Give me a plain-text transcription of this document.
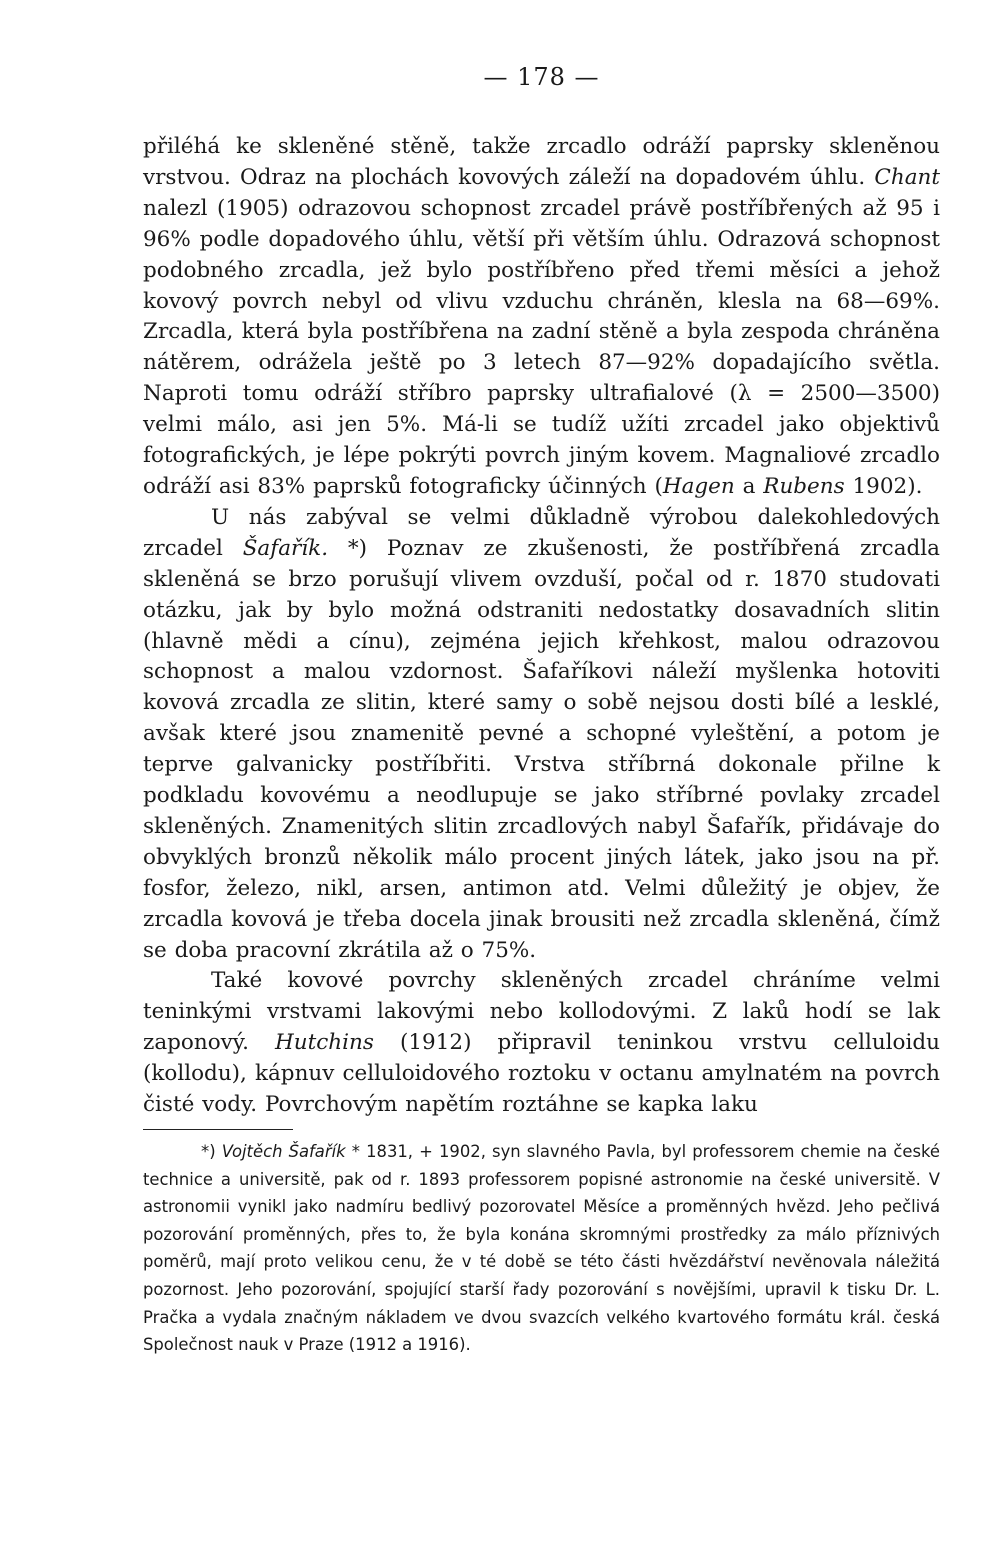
— 178 —

přiléhá ke skleněné stěně, takže zrcadlo odráží paprsky skleněnou vrstvou. Odraz na plochách kovových záleží na dopadovém úhlu. Chant nalezl (1905) odrazovou schopnost zrcadel právě postříbřených až 95 i 96% podle dopadového úhlu, větší při větším úhlu. Odrazová schopnost podobného zrcadla, jež bylo postříbřeno před třemi měsíci a jehož kovový povrch nebyl od vlivu vzduchu chráněn, klesla na 68—69%. Zrcadla, která byla postříbřena na zadní stěně a byla zespoda chráněna nátěrem, odrážela ještě po 3 letech 87—92% dopadajícího světla. Naproti tomu odráží stříbro paprsky ultrafialové (λ = 2500—3500) velmi málo, asi jen 5%. Má-li se tudíž užíti zrcadel jako objektivů fotografických, je lépe pokrýti povrch jiným kovem. Magnaliové zrcadlo odráží asi 83% paprsků fotograficky účinných (Hagen a Rubens 1902).

U nás zabýval se velmi důkladně výrobou dalekohledových zrcadel Šafařík. *) Poznav ze zkušenosti, že postříbřená zrcadla skleněná se brzo porušují vlivem ovzduší, počal od r. 1870 studovati otázku, jak by bylo možná odstraniti nedostatky dosavadních slitin (hlavně mědi a cínu), zejména jejich křehkost, malou odrazovou schopnost a malou vzdornost. Šafaříkovi náleží myšlenka hotoviti kovová zrcadla ze slitin, které samy o sobě nejsou dosti bílé a lesklé, avšak které jsou znamenitě pevné a schopné vyleštění, a potom je teprve galvanicky postříbřiti. Vrstva stříbrná dokonale přilne k podkladu kovovému a neodlupuje se jako stříbrné povlaky zrcadel skleněných. Znamenitých slitin zrcadlových nabyl Šafařík, přidávaje do obvyklých bronzů několik málo procent jiných látek, jako jsou na př. fosfor, železo, nikl, arsen, antimon atd. Velmi důležitý je objev, že zrcadla kovová je třeba docela jinak brousiti než zrcadla skleněná, čímž se doba pracovní zkrátila až o 75%.

Také kovové povrchy skleněných zrcadel chráníme velmi teninkými vrstvami lakovými nebo kollodovými. Z laků hodí se lak zaponový. Hutchins (1912) připravil teninkou vrstvu celluloidu (kollodu), kápnuv celluloidového roztoku v octanu amylnatém na povrch čisté vody. Povrchovým napětím roztáhne se kapka laku

*) Vojtěch Šafařík * 1831, + 1902, syn slavného Pavla, byl professorem chemie na české technice a universitě, pak od r. 1893 professorem popisné astronomie na české universitě. V astronomii vynikl jako nadmíru bedlivý pozorovatel Měsíce a proměnných hvězd. Jeho pečlivá pozorování proměnných, přes to, že byla konána skromnými prostředky za málo příznivých poměrů, mají proto velikou cenu, že v té době se této části hvězdářství nevěnovala náležitá pozornost. Jeho pozorování, spojující starší řady pozorování s novějšími, upravil k tisku Dr. L. Pračka a vydala značným nákladem ve dvou svazcích velkého kvartového formátu král. česká Společnost nauk v Praze (1912 a 1916).
